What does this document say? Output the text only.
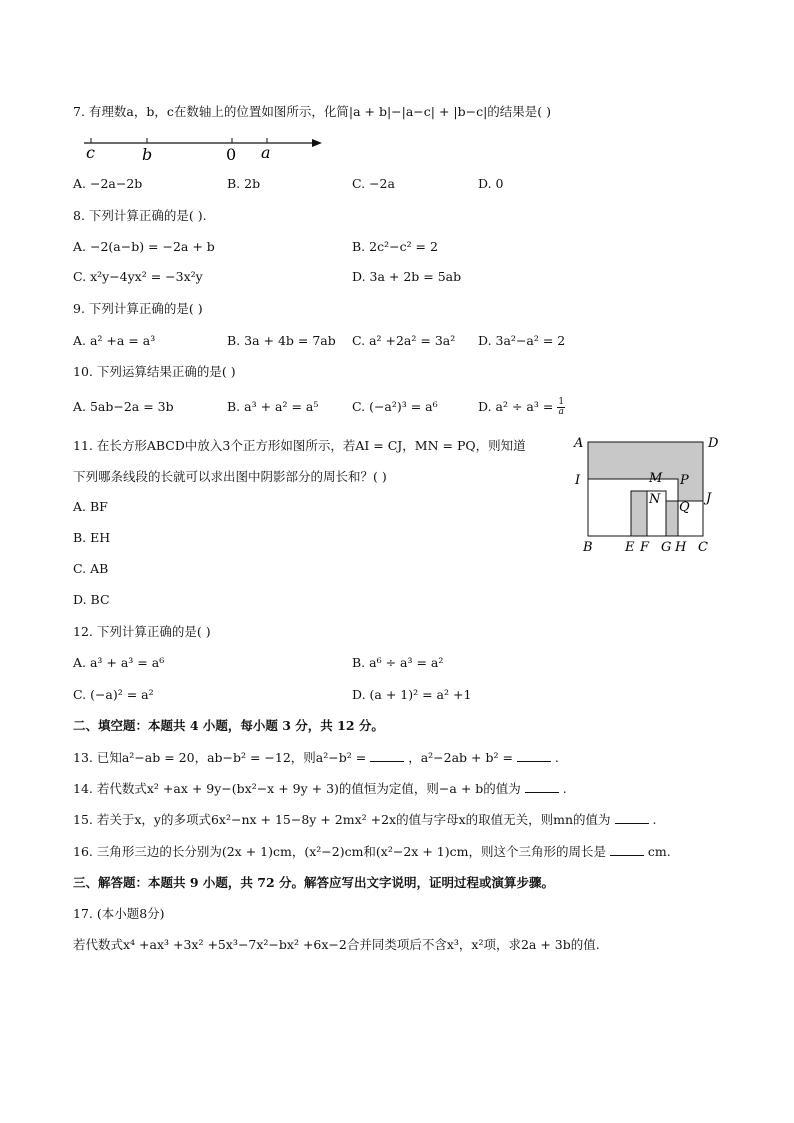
7. 有理数a，b，c在数轴上的位置如图所示，化简|a + b|−|a−c| + |b−c|的结果是( )
c	b	0 a
A. −2a−2b	B. 2b	C. −2a	D. 0
8. 下列计算正确的是( ).
A. −2(a−b) = −2a + b	B. 2c²−c² = 2
C. x²y−4yx² = −3x²y	D. 3a + 2b = 5ab
9. 下列计算正确的是( )
A. a² +a = a³	B. 3a + 4b = 7ab C. a² +2a² = 3a² D. 3a²−a² = 2
10. 下列运算结果正确的是( )
A. 5ab−2a = 3b	B. a³ + a² = a⁵	C. (−a²)³ = a⁶	D. $a^2 \div a^3 = \frac{1}{a}$
11. 在长方形ABCD中放入3个正方形如图所示，若AI = CJ，MN = PQ，则知道
下列哪条线段的长就可以求出图中阴影部分的周长和？( )
A. BF
B. EH
C. AB
D. BC
A	D
I	M
N
P
J
Q
B E F G H C
12. 下列计算正确的是( )
A. a³ + a³ = a⁶	B. a⁶ ÷ a³ = a²
C. (−a)² = a²	D. (a + 1)² = a² +1
二、填空题：本题共 4 小题，每小题 3 分，共 12 分。
13. 已知a²−ab = 20，ab−b² = −12，则a²−b² =	，a²−2ab + b² =	.
14. 若代数式x² +ax + 9y−(bx²−x + 9y + 3)的值恒为定值，则−a + b的值为	.
15. 若关于x，y的多项式6x²−nx + 15−8y + 2mx² +2x的值与字母x的取值无关，则mn的值为	.
16. 三角形三边的长分别为(2x + 1)cm，(x²−2)cm和(x²−2x + 1)cm，则这个三角形的周长是	cm.
三、解答题：本题共 9 小题，共 72 分。解答应写出文字说明，证明过程或演算步骤。
17. (本小题8分)
若代数式x⁴ +ax³ +3x² +5x³−7x²−bx² +6x−2合并同类项后不含x³，x²项，求2a + 3b的值.
